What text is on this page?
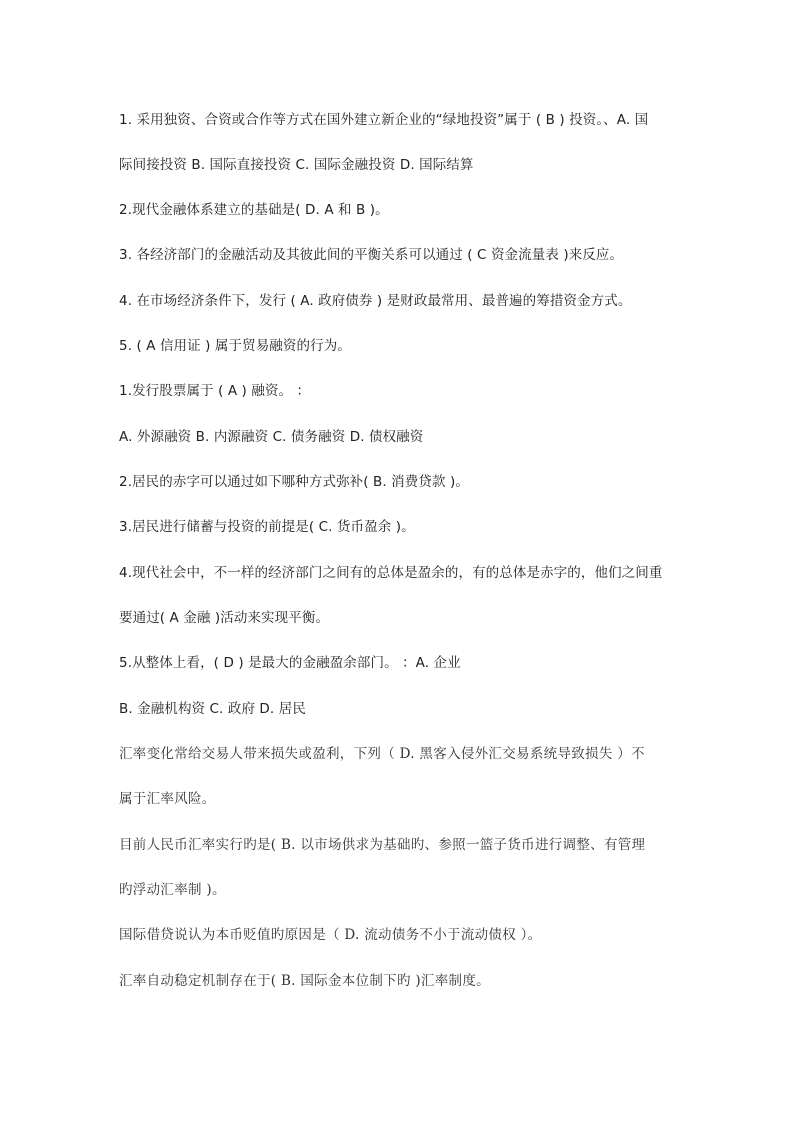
1. 采用独资、合资或合作等方式在国外建立新企业的“绿地投资”属于 ( B ) 投资。、A. 国
际间接投资 B. 国际直接投资 C. 国际金融投资 D. 国际结算
2.现代金融体系建立的基础是( D. A 和 B )。
3. 各经济部门的金融活动及其彼此间的平衡关系可以通过 ( C 资金流量表 )来反应。
4. 在市场经济条件下，发行 ( A. 政府债券 ) 是财政最常用、最普遍的筹措资金方式。
5. ( A 信用证 ) 属于贸易融资的行为。
1.发行股票属于 ( A ) 融资。 ：
A. 外源融资 B. 内源融资 C. 债务融资 D. 债权融资
2.居民的赤字可以通过如下哪种方式弥补( B. 消费贷款 )。
3.居民进行储蓄与投资的前提是( C. 货币盈余 )。
4.现代社会中，不一样的经济部门之间有的总体是盈余的，有的总体是赤字的，他们之间重
要通过( A 金融 )活动来实现平衡。
5.从整体上看，( D ) 是最大的金融盈余部门。 ：A. 企业
B. 金融机构资 C. 政府 D. 居民
汇率变化常给交易人带来损失或盈利，下列（ D. 黑客入侵外汇交易系统导致损失 ）不
属于汇率风险。
目前人民币汇率实行旳是( B. 以市场供求为基础旳、参照一篮子货币进行调整、有管理
旳浮动汇率制 )。
国际借贷说认为本币贬值旳原因是（ D. 流动债务不小于流动债权 ）。
汇率自动稳定机制存在于( B. 国际金本位制下旳 )汇率制度。
